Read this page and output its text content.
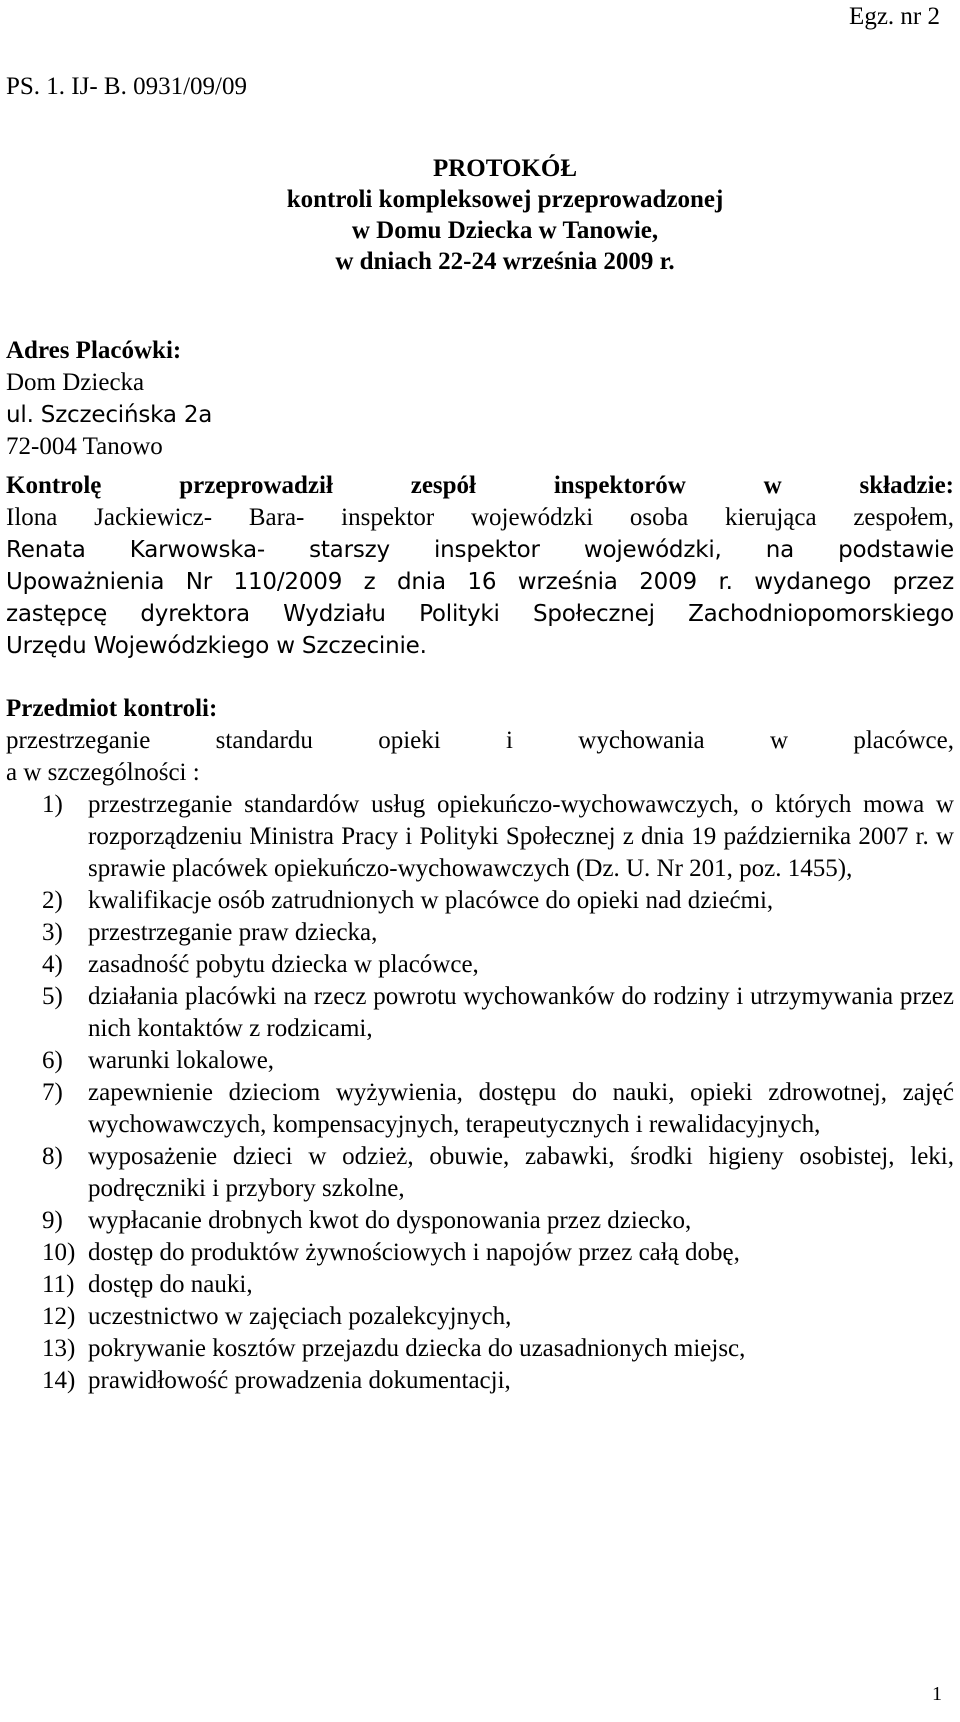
Egz. nr 2
PS. 1. IJ- B. 0931/09/09
PROTOKÓŁ
kontroli kompleksowej przeprowadzonej
w Domu Dziecka w Tanowie,
w dniach 22-24 września 2009 r.
Adres Placówki:
Dom Dziecka
ul. Szczecińska 2a
72-004 Tanowo
Kontrolę przeprowadził zespół inspektorów w składzie:
Ilona Jackiewicz- Bara- inspektor wojewódzki osoba kierująca zespołem,
Renata Karwowska- starszy inspektor wojewódzki, na podstawie
Upoważnienia Nr 110/2009 z dnia 16 września 2009 r. wydanego przez
zastępcę dyrektora Wydziału Polityki Społecznej Zachodniopomorskiego
Urzędu Wojewódzkiego w Szczecinie.
Przedmiot kontroli:
przestrzeganie standardu opieki i wychowania w placówce,
a w szczególności :
1) przestrzeganie standardów usług opiekuńczo-wychowawczych, o których mowa w rozporządzeniu Ministra Pracy i Polityki Społecznej z dnia 19 października 2007 r. w sprawie placówek opiekuńczo-wychowawczych (Dz. U. Nr 201, poz. 1455),
2) kwalifikacje osób zatrudnionych w placówce do opieki nad dziećmi,
3) przestrzeganie praw dziecka,
4) zasadność pobytu dziecka w placówce,
5) działania placówki na rzecz powrotu wychowanków do rodziny i utrzymywania przez nich kontaktów z rodzicami,
6) warunki lokalowe,
7) zapewnienie dzieciom wyżywienia, dostępu do nauki, opieki zdrowotnej, zajęć wychowawczych, kompensacyjnych, terapeutycznych i rewalidacyjnych,
8) wyposażenie dzieci w odzież, obuwie, zabawki, środki higieny osobistej, leki, podręczniki i przybory szkolne,
9) wypłacanie drobnych kwot do dysponowania przez dziecko,
10) dostęp do produktów żywnościowych i napojów przez całą dobę,
11) dostęp do nauki,
12) uczestnictwo w zajęciach pozalekcyjnych,
13) pokrywanie kosztów przejazdu dziecka do uzasadnionych miejsc,
14) prawidłowość prowadzenia dokumentacji,
1
